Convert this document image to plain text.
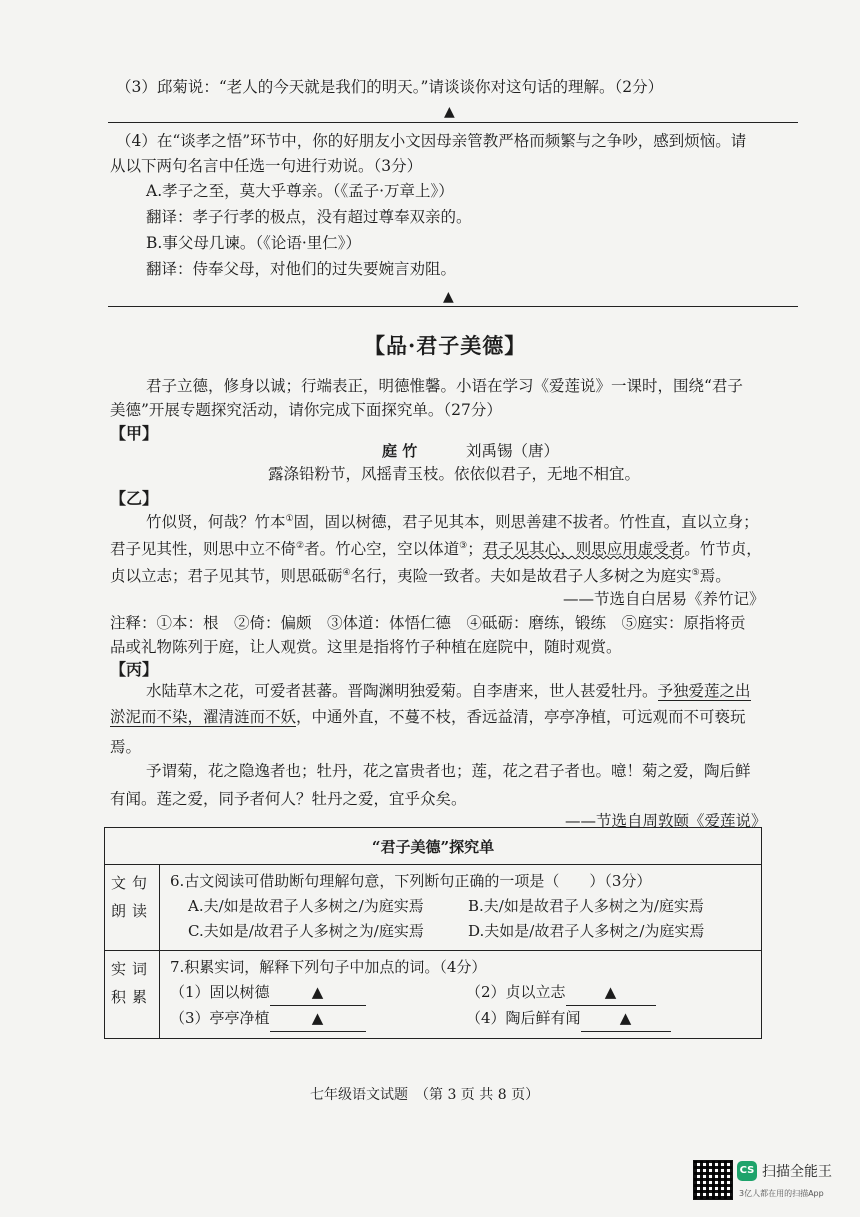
（3）邱菊说：“老人的今天就是我们的明天。”请谈谈你对这句话的理解。（2分）
▲
（4）在“谈孝之悟”环节中，你的好朋友小文因母亲管教严格而频繁与之争吵，感到烦恼。请
从以下两句名言中任选一句进行劝说。（3分）
A.孝子之至，莫大乎尊亲。（《孟子·万章上》）
翻译：孝子行孝的极点，没有超过尊奉双亲的。
B.事父母几谏。（《论语·里仁》）
翻译：侍奉父母，对他们的过失要婉言劝阻。
▲
【品·君子美德】
君子立德，修身以诚；行端表正，明德惟馨。小语在学习《爱莲说》一课时，围绕“君子
美德”开展专题探究活动，请你完成下面探究单。（27分）
【甲】
庭 竹	刘禹锡（唐）
露涤铅粉节，风摇青玉枝。依依似君子，无地不相宜。
【乙】
竹似贤，何哉？竹本①固，固以树德，君子见其本，则思善建不拔者。竹性直，直以立身；
君子见其性，则思中立不倚②者。竹心空，空以体道③；君子见其心，则思应用虚受者。竹节贞，
贞以立志；君子见其节，则思砥砺④名行，夷险一致者。夫如是故君子人多树之为庭实⑤焉。
——节选自白居易《养竹记》
注释：①本：根　②倚：偏颇　③体道：体悟仁德　④砥砺：磨练，锻练　⑤庭实：原指将贡
品或礼物陈列于庭，让人观赏。这里是指将竹子种植在庭院中，随时观赏。
【丙】
水陆草木之花，可爱者甚蕃。晋陶渊明独爱菊。自李唐来，世人甚爱牡丹。予独爱莲之出
淤泥而不染，濯清涟而不妖，中通外直，不蔓不枝，香远益清，亭亭净植，可远观而不可亵玩
焉。
予谓菊，花之隐逸者也；牡丹，花之富贵者也；莲，花之君子者也。噫！菊之爱，陶后鲜
有闻。莲之爱，同予者何人？牡丹之爱，宜乎众矣。
——节选自周敦颐《爱莲说》
“君子美德”探究单	
文句朗读	6.古文阅读可借助断句理解句意，下列断句正确的一项是（　　）（3分）
A.夫/如是故君子人多树之/为庭实焉 B.夫/如是故君子人多树之为/庭实焉
C.夫如是/故君子人多树之为/庭实焉 D.夫如是/故君子人多树之/为庭实焉

实词积累	7.积累实词，解释下列句子中加点的词。（4分）
（1）固以树德 ▲ （2）贞以立志 ▲
（3）亭亭净植 ▲ （4）陶后鲜有闻 ▲
七年级语文试题　（第 3 页 共 8 页）
CS 扫描全能王
3亿人都在用的扫描App
